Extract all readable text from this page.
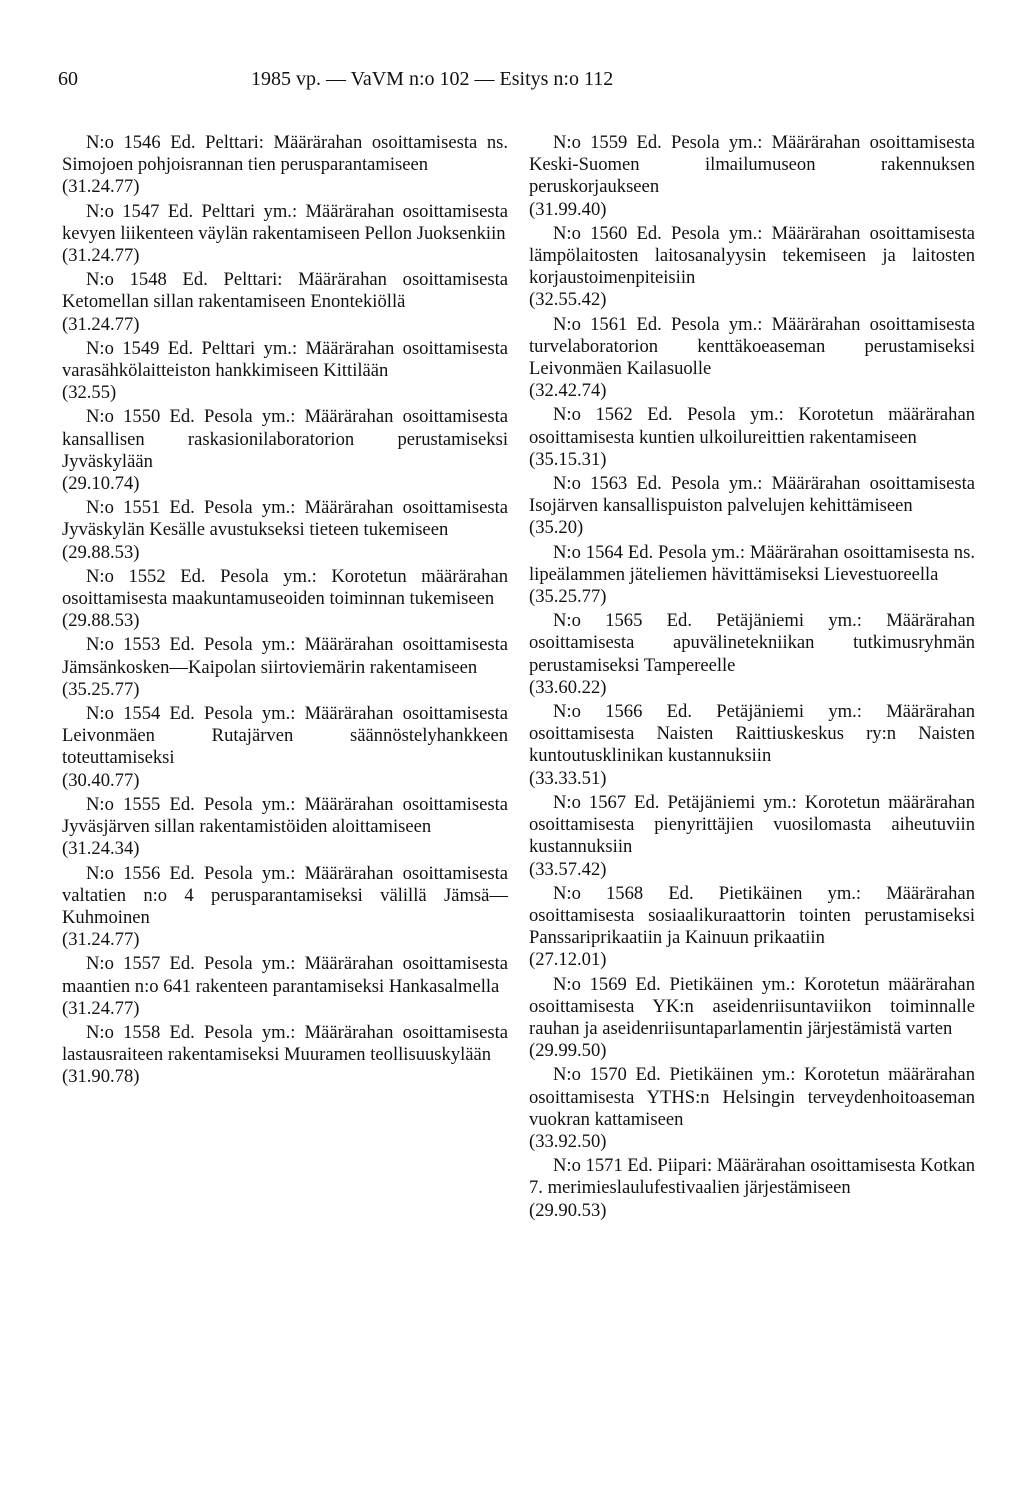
60	1985 vp. — VaVM n:o 102 — Esitys n:o 112
N:o 1546 Ed. Pelttari: Määrärahan osoittamisesta ns. Simojoen pohjoisrannan tien perusparantamiseen
(31.24.77)
N:o 1547 Ed. Pelttari ym.: Määrärahan osoittamisesta kevyen liikenteen väylän rakentamiseen Pellon Juoksenkiin
(31.24.77)
N:o 1548 Ed. Pelttari: Määrärahan osoittamisesta Ketomellan sillan rakentamiseen Enontekiöllä
(31.24.77)
N:o 1549 Ed. Pelttari ym.: Määrärahan osoittamisesta varasähkölaitteiston hankkimiseen Kittilään
(32.55)
N:o 1550 Ed. Pesola ym.: Määrärahan osoittamisesta kansallisen raskasionilaboratorion perustamiseksi Jyväskylään
(29.10.74)
N:o 1551 Ed. Pesola ym.: Määrärahan osoittamisesta Jyväskylän Kesälle avustukseksi tieteen tukemiseen
(29.88.53)
N:o 1552 Ed. Pesola ym.: Korotetun määrärahan osoittamisesta maakuntamuseoiden toiminnan tukemiseen
(29.88.53)
N:o 1553 Ed. Pesola ym.: Määrärahan osoittamisesta Jämsänkosken—Kaipolan siirtoviemärin rakentamiseen
(35.25.77)
N:o 1554 Ed. Pesola ym.: Määrärahan osoittamisesta Leivonmäen Rutajärven säännöstelyhankkeen toteuttamiseksi
(30.40.77)
N:o 1555 Ed. Pesola ym.: Määrärahan osoittamisesta Jyväsjärven sillan rakentamistöiden aloittamiseen
(31.24.34)
N:o 1556 Ed. Pesola ym.: Määrärahan osoittamisesta valtatien n:o 4 perusparantamiseksi välillä Jämsä—Kuhmoinen
(31.24.77)
N:o 1557 Ed. Pesola ym.: Määrärahan osoittamisesta maantien n:o 641 rakenteen parantamiseksi Hankasalmella
(31.24.77)
N:o 1558 Ed. Pesola ym.: Määrärahan osoittamisesta lastausraiteen rakentamiseksi Muuramen teollisuuskylään
(31.90.78)
N:o 1559 Ed. Pesola ym.: Määrärahan osoittamisesta Keski-Suomen ilmailumuseon rakennuksen peruskorjaukseen
(31.99.40)
N:o 1560 Ed. Pesola ym.: Määrärahan osoittamisesta lämpölaitosten laitosanalyysin tekemiseen ja laitosten korjaustoimenpiteisiin
(32.55.42)
N:o 1561 Ed. Pesola ym.: Määrärahan osoittamisesta turvelaboratorion kenttäkoeaseman perustamiseksi Leivonmäen Kailasuolle
(32.42.74)
N:o 1562 Ed. Pesola ym.: Korotetun määrärahan osoittamisesta kuntien ulkoilureittien rakentamiseen
(35.15.31)
N:o 1563 Ed. Pesola ym.: Määrärahan osoittamisesta Isojärven kansallispuiston palvelujen kehittämiseen
(35.20)
N:o 1564 Ed. Pesola ym.: Määrärahan osoittamisesta ns. lipeälammen jäteliemen hävittämiseksi Lievestuoreella
(35.25.77)
N:o 1565 Ed. Petäjäniemi ym.: Määrärahan osoittamisesta apuvälinetekniikan tutkimusryhmän perustamiseksi Tampereelle
(33.60.22)
N:o 1566 Ed. Petäjäniemi ym.: Määrärahan osoittamisesta Naisten Raittiuskeskus ry:n Naisten kuntoutusklinikan kustannuksiin
(33.33.51)
N:o 1567 Ed. Petäjäniemi ym.: Korotetun määrärahan osoittamisesta pienyrittäjien vuosilomasta aiheutuviin kustannuksiin
(33.57.42)
N:o 1568 Ed. Pietikäinen ym.: Määrärahan osoittamisesta sosiaalikuraattorin tointen perustamiseksi Panssariprikaatiin ja Kainuun prikaatiin
(27.12.01)
N:o 1569 Ed. Pietikäinen ym.: Korotetun määrärahan osoittamisesta YK:n aseidenriisuntaviikon toiminnalle rauhan ja aseidenriisuntaparlamentin järjestämistä varten
(29.99.50)
N:o 1570 Ed. Pietikäinen ym.: Korotetun määrärahan osoittamisesta YTHS:n Helsingin terveydenhoitoaseman vuokran kattamiseen
(33.92.50)
N:o 1571 Ed. Piipari: Määrärahan osoittamisesta Kotkan 7. merimieslaulufestivaalien järjestämiseen
(29.90.53)
